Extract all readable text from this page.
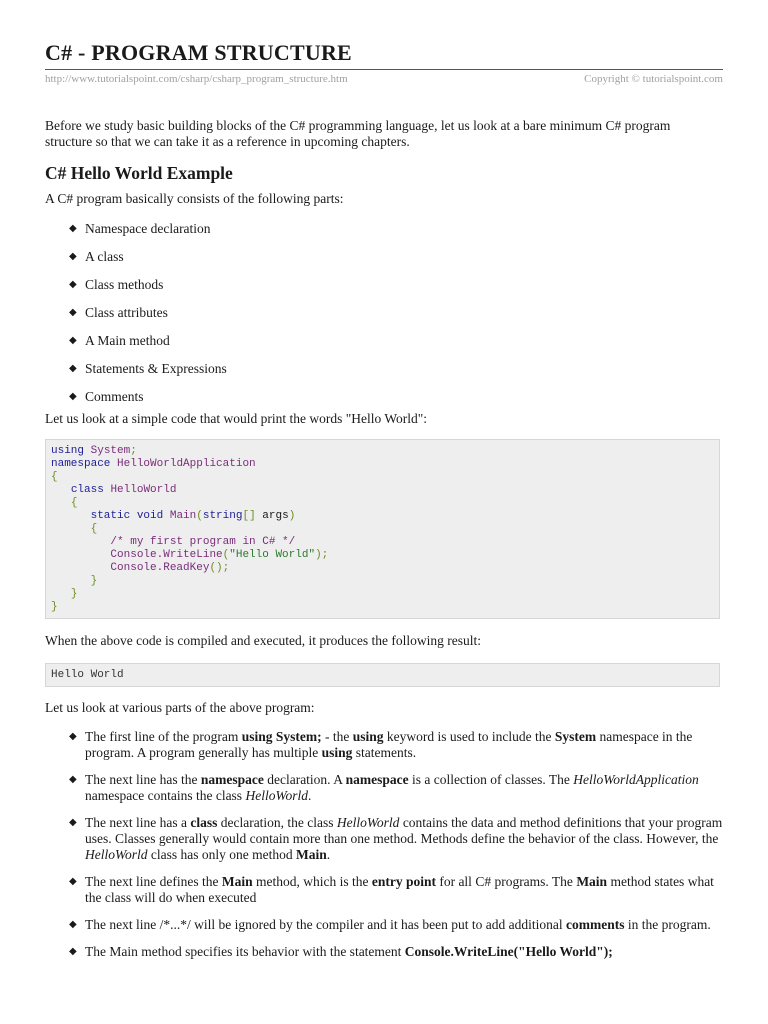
C# - PROGRAM STRUCTURE
http://www.tutorialspoint.com/csharp/csharp_program_structure.htm	Copyright © tutorialspoint.com

Before we study basic building blocks of the C# programming language, let us look at a bare minimum C# program structure so that we can take it as a reference in upcoming chapters.

C# Hello World Example

A C# program basically consists of the following parts:

◆ Namespace declaration
◆ A class
◆ Class methods
◆ Class attributes
◆ A Main method
◆ Statements & Expressions
◆ Comments

Let us look at a simple code that would print the words "Hello World":

using System;
namespace HelloWorldApplication
{
class HelloWorld
{
static void Main(string[] args)
{
/* my first program in C# */
Console.WriteLine("Hello World");
Console.ReadKey();
}
}
}

When the above code is compiled and executed, it produces the following result:

Hello World

Let us look at various parts of the above program:

◆ The first line of the program using System; - the using keyword is used to include the System namespace in the program. A program generally has multiple using statements.
◆ The next line has the namespace declaration. A namespace is a collection of classes. The HelloWorldApplication namespace contains the class HelloWorld.
◆ The next line has a class declaration, the class HelloWorld contains the data and method definitions that your program uses. Classes generally would contain more than one method. Methods define the behavior of the class. However, the HelloWorld class has only one method Main.
◆ The next line defines the Main method, which is the entry point for all C# programs. The Main method states what the class will do when executed
◆ The next line /*...*/ will be ignored by the compiler and it has been put to add additional comments in the program.
◆ The Main method specifies its behavior with the statement Console.WriteLine("Hello World");
